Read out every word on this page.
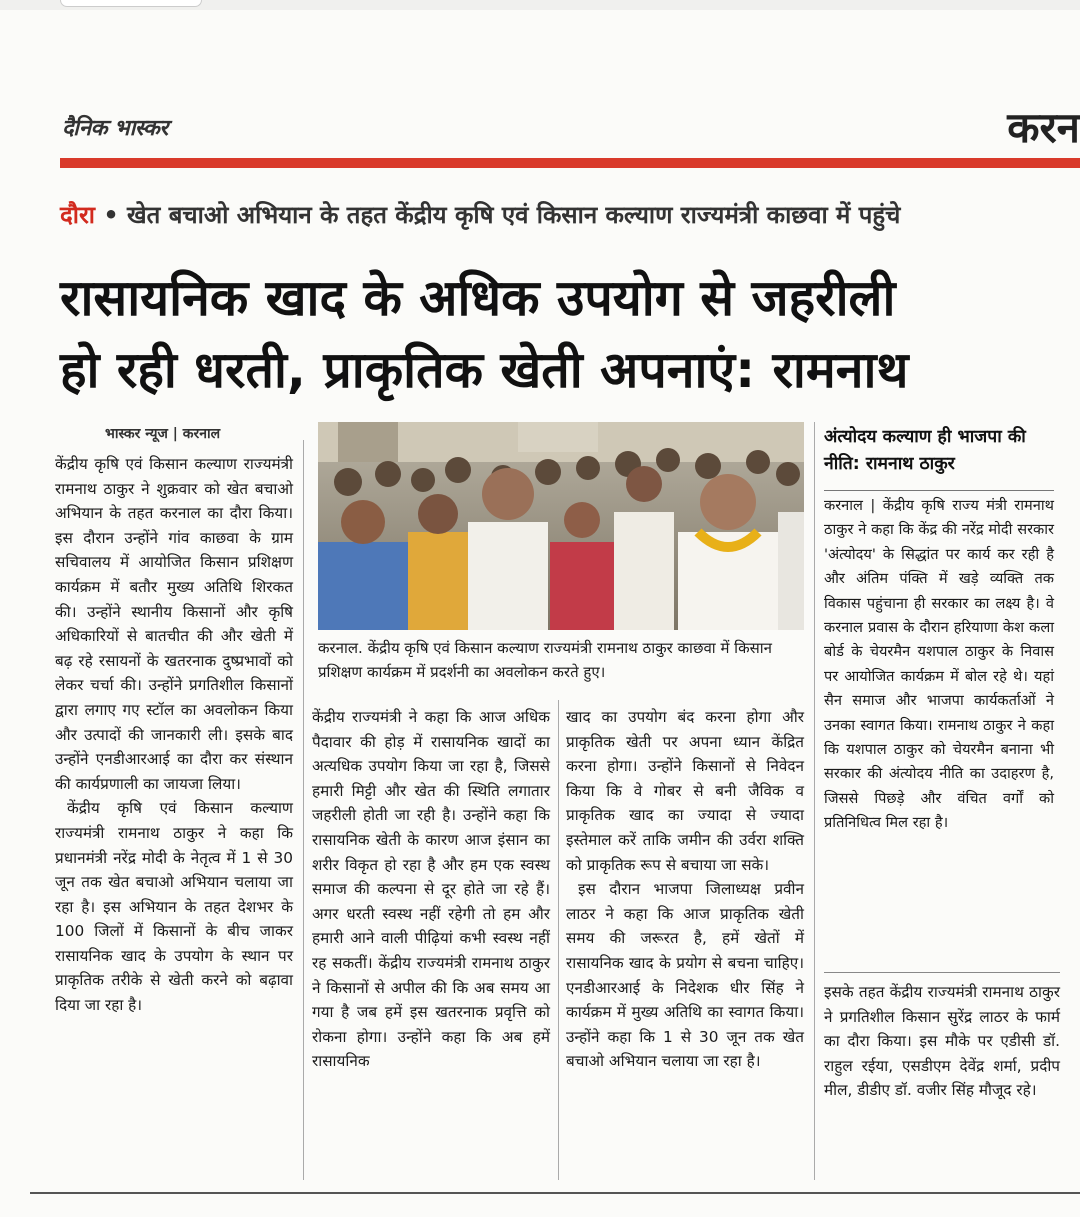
दैनिक भास्कर	करन
दौरा • खेत बचाओ अभियान के तहत केंद्रीय कृषि एवं किसान कल्याण राज्यमंत्री काछवा में पहुंचे
रासायनिक खाद के अधिक उपयोग से जहरीली
हो रही धरती, प्राकृतिक खेती अपनाएं: रामनाथ
भास्कर न्यूज | करनाल

केंद्रीय कृषि एवं किसान कल्याण राज्यमंत्री रामनाथ ठाकुर ने शुक्रवार को खेत बचाओ अभियान के तहत करनाल का दौरा किया। इस दौरान उन्होंने गांव काछवा के ग्राम सचिवालय में आयोजित किसान प्रशिक्षण कार्यक्रम में बतौर मुख्य अतिथि शिरकत की। उन्होंने स्थानीय किसानों और कृषि अधिकारियों से बातचीत की और खेती में बढ़ रहे रसायनों के खतरनाक दुष्प्रभावों को लेकर चर्चा की। उन्होंने प्रगतिशील किसानों द्वारा लगाए गए स्टॉल का अवलोकन किया और उत्पादों की जानकारी ली। इसके बाद उन्होंने एनडीआरआई का दौरा कर संस्थान की कार्यप्रणाली का जायजा लिया।

केंद्रीय कृषि एवं किसान कल्याण राज्यमंत्री रामनाथ ठाकुर ने कहा कि प्रधानमंत्री नरेंद्र मोदी के नेतृत्व में 1 से 30 जून तक खेत बचाओ अभियान चलाया जा रहा है। इस अभियान के तहत देशभर के 100 जिलों में किसानों के बीच जाकर रासायनिक खाद के उपयोग के स्थान पर प्राकृतिक तरीके से खेती करने को बढ़ावा दिया जा रहा है।

करनाल. केंद्रीय कृषि एवं किसान कल्याण राज्यमंत्री रामनाथ ठाकुर काछवा में किसान प्रशिक्षण कार्यक्रम में प्रदर्शनी का अवलोकन करते हुए।

केंद्रीय राज्यमंत्री ने कहा कि आज अधिक पैदावार की होड़ में रासायनिक खादों का अत्यधिक उपयोग किया जा रहा है, जिससे हमारी मिट्टी और खेत की स्थिति लगातार जहरीली होती जा रही है। उन्होंने कहा कि रासायनिक खेती के कारण आज इंसान का शरीर विकृत हो रहा है और हम एक स्वस्थ समाज की कल्पना से दूर होते जा रहे हैं। अगर धरती स्वस्थ नहीं रहेगी तो हम और हमारी आने वाली पीढ़ियां कभी स्वस्थ नहीं रह सकतीं। केंद्रीय राज्यमंत्री रामनाथ ठाकुर ने किसानों से अपील की कि अब समय आ गया है जब हमें इस खतरनाक प्रवृत्ति को रोकना होगा। उन्होंने कहा कि अब हमें रासायनिक

खाद का उपयोग बंद करना होगा और प्राकृतिक खेती पर अपना ध्यान केंद्रित करना होगा। उन्होंने किसानों से निवेदन किया कि वे गोबर से बनी जैविक व प्राकृतिक खाद का ज्यादा से ज्यादा इस्तेमाल करें ताकि जमीन की उर्वरा शक्ति को प्राकृतिक रूप से बचाया जा सके।

इस दौरान भाजपा जिलाध्यक्ष प्रवीन लाठर ने कहा कि आज प्राकृतिक खेती समय की जरूरत है, हमें खेतों में रासायनिक खाद के प्रयोग से बचना चाहिए। एनडीआरआई के निदेशक धीर सिंह ने कार्यक्रम में मुख्य अतिथि का स्वागत किया। उन्होंने कहा कि 1 से 30 जून तक खेत बचाओ अभियान चलाया जा रहा है।

अंत्योदय कल्याण ही भाजपा की नीति: रामनाथ ठाकुर
करनाल | केंद्रीय कृषि राज्य मंत्री रामनाथ ठाकुर ने कहा कि केंद्र की नरेंद्र मोदी सरकार 'अंत्योदय' के सिद्धांत पर कार्य कर रही है और अंतिम पंक्ति में खड़े व्यक्ति तक विकास पहुंचाना ही सरकार का लक्ष्य है। वे करनाल प्रवास के दौरान हरियाणा केश कला बोर्ड के चेयरमैन यशपाल ठाकुर के निवास पर आयोजित कार्यक्रम में बोल रहे थे। यहां सैन समाज और भाजपा कार्यकर्ताओं ने उनका स्वागत किया। रामनाथ ठाकुर ने कहा कि यशपाल ठाकुर को चेयरमैन बनाना भी सरकार की अंत्योदय नीति का उदाहरण है, जिससे पिछड़े और वंचित वर्गों को प्रतिनिधित्व मिल रहा है।

इसके तहत केंद्रीय राज्यमंत्री रामनाथ ठाकुर ने प्रगतिशील किसान सुरेंद्र लाठर के फार्म का दौरा किया। इस मौके पर एडीसी डॉ. राहुल रईया, एसडीएम देवेंद्र शर्मा, प्रदीप मील, डीडीए डॉ. वजीर सिंह मौजूद रहे।
